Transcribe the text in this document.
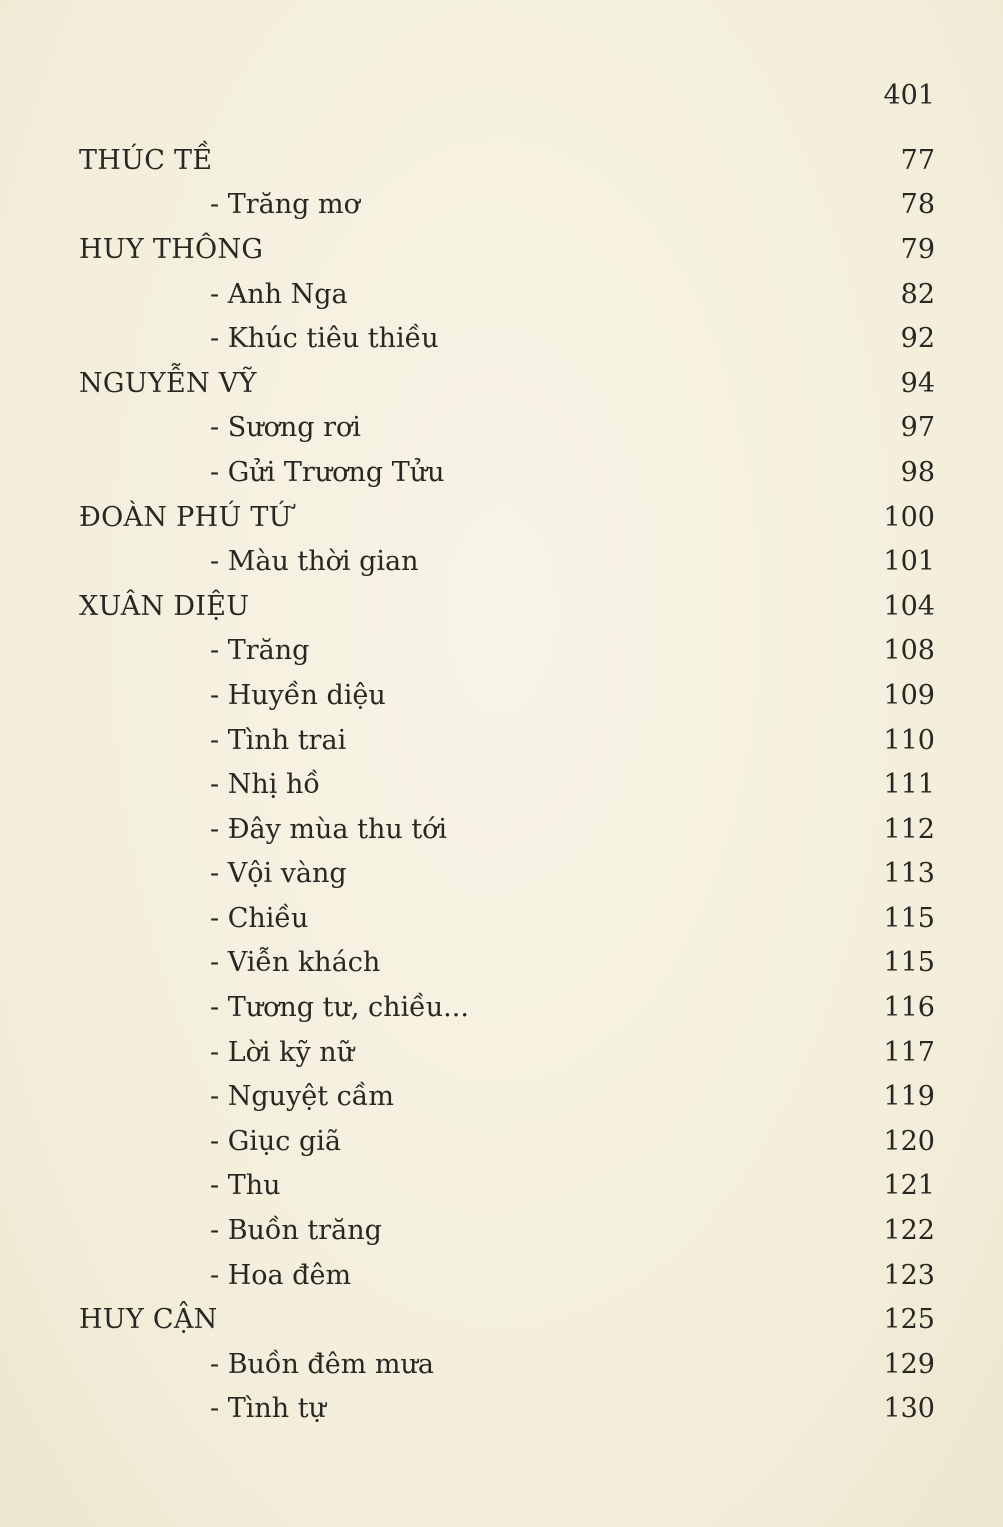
401
THÚC TỀ	77
- Trăng mơ	78
HUY THÔNG	79
- Anh Nga	82
- Khúc tiêu thiều	92
NGUYỄN VỸ	94
- Sương rơi	97
- Gửi Trương Tửu	98
ĐOÀN PHÚ TỨ	100
- Màu thời gian	101
XUÂN DIỆU	104
- Trăng	108
- Huyền diệu	109
- Tình trai	110
- Nhị hồ	111
- Đây mùa thu tới	112
- Vội vàng	113
- Chiều	115
- Viễn khách	115
- Tương tư, chiều...	116
- Lời kỹ nữ	117
- Nguyệt cầm	119
- Giục giã	120
- Thu	121
- Buồn trăng	122
- Hoa đêm	123
HUY CẬN	125
- Buồn đêm mưa	129
- Tình tự	130
